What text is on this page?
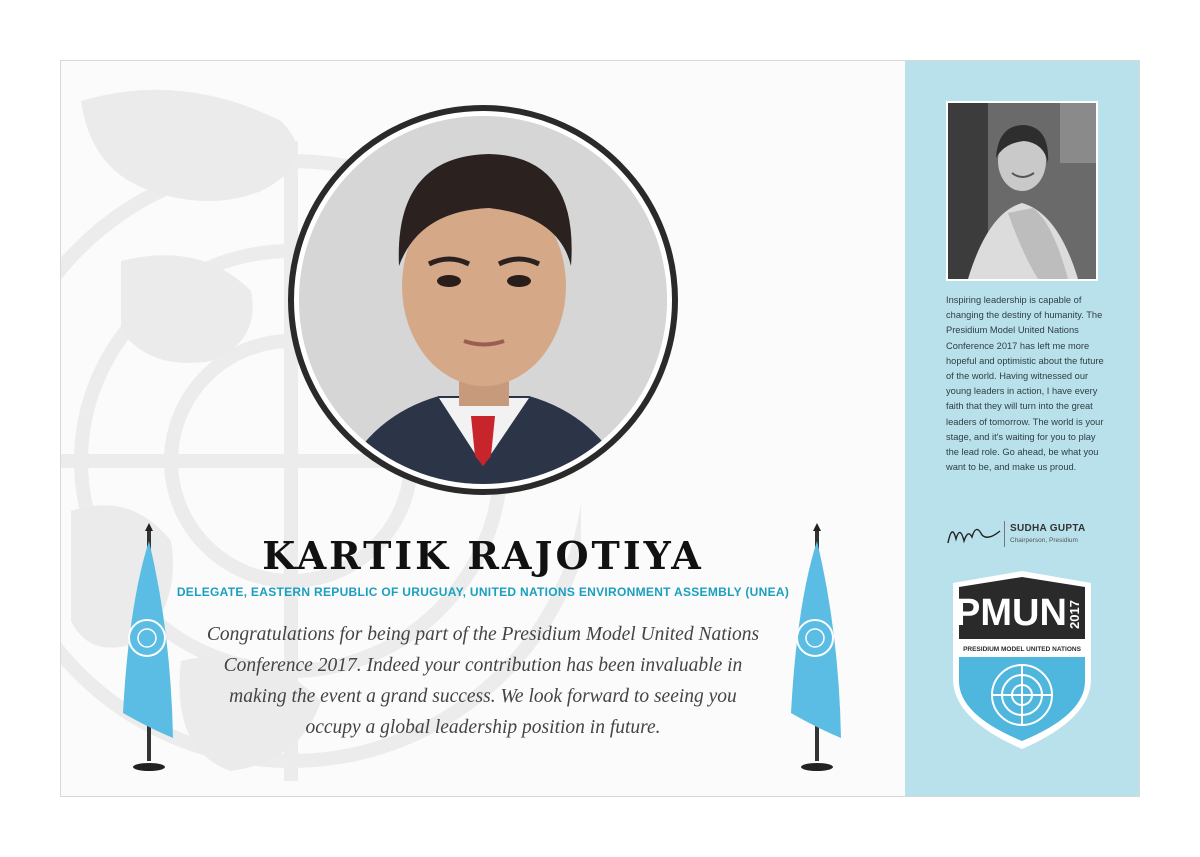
KARTIK RAJOTIYA
DELEGATE, EASTERN REPUBLIC OF URUGUAY, UNITED NATIONS ENVIRONMENT ASSEMBLY (UNEA)

Congratulations for being part of the Presidium Model United Nations Conference 2017. Indeed your contribution has been invaluable in making the event a grand success. We look forward to seeing you occupy a global leadership position in future.

Inspiring leadership is capable of changing the destiny of humanity. The Presidium Model United Nations Conference 2017 has left me more hopeful and optimistic about the future of the world. Having witnessed our young leaders in action, I have every faith that they will turn into the great leaders of tomorrow. The world is your stage, and it's waiting for you to play the lead role. Go ahead, be what you want to be, and make us proud.

SUDHA GUPTA
Chairperson, Presidium
PMUN 2017
PRESIDIUM MODEL UNITED NATIONS
